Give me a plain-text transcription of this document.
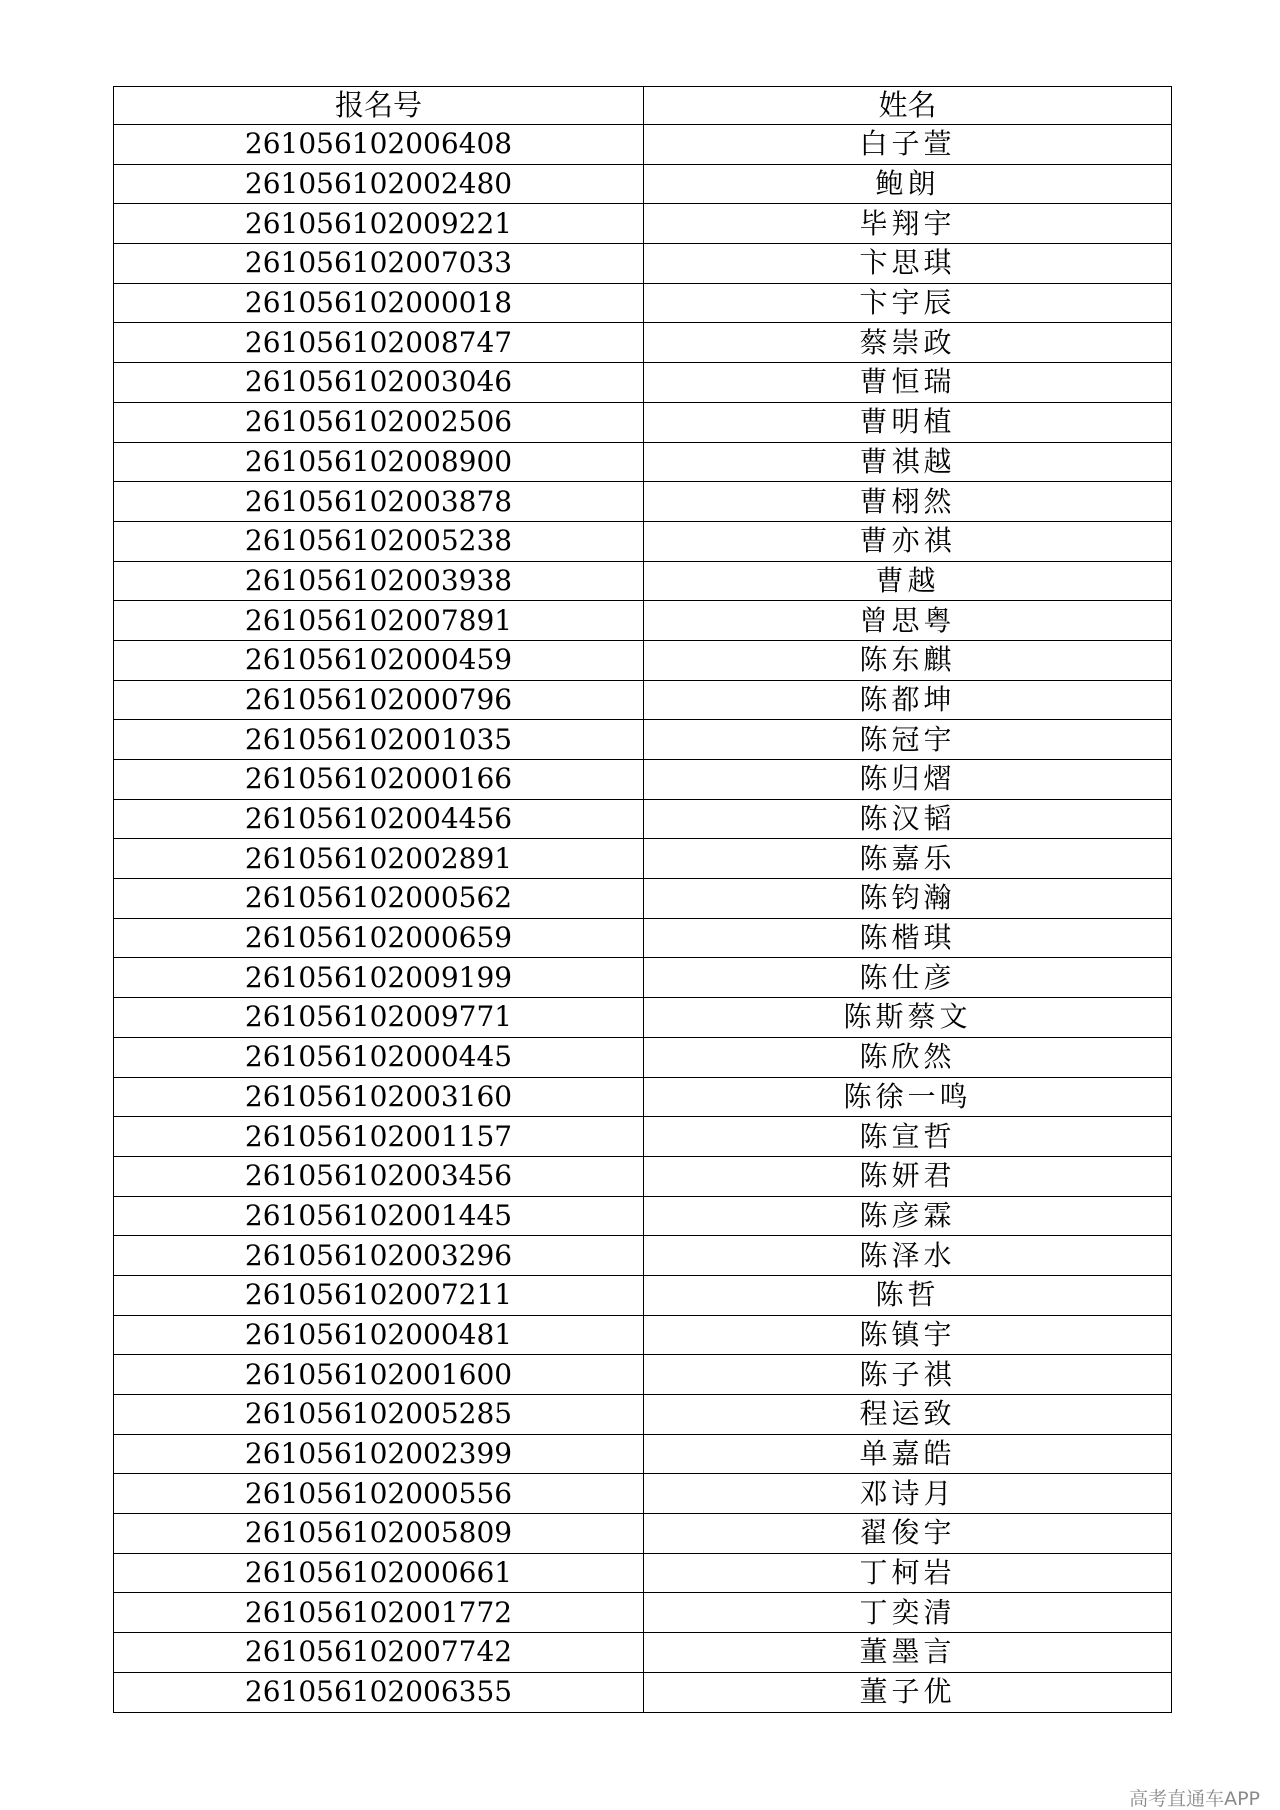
报名号	姓名
261056102006408	白子萱
261056102002480	鲍朗
261056102009221	毕翔宇
261056102007033	卞思琪
261056102000018	卞宇辰
261056102008747	蔡崇政
261056102003046	曹恒瑞
261056102002506	曹明植
261056102008900	曹祺越
261056102003878	曹栩然
261056102005238	曹亦祺
261056102003938	曹越
261056102007891	曾思粤
261056102000459	陈东麒
261056102000796	陈都坤
261056102001035	陈冠宇
261056102000166	陈归熠
261056102004456	陈汉韬
261056102002891	陈嘉乐
261056102000562	陈钧瀚
261056102000659	陈楷琪
261056102009199	陈仕彦
261056102009771	陈斯蔡文
261056102000445	陈欣然
261056102003160	陈徐一鸣
261056102001157	陈宣哲
261056102003456	陈妍君
261056102001445	陈彦霖
261056102003296	陈泽水
261056102007211	陈哲
261056102000481	陈镇宇
261056102001600	陈子祺
261056102005285	程运致
261056102002399	单嘉皓
261056102000556	邓诗月
261056102005809	翟俊宇
261056102000661	丁柯岩
261056102001772	丁奕清
261056102007742	董墨言
261056102006355	董子优
高考直通车APP
